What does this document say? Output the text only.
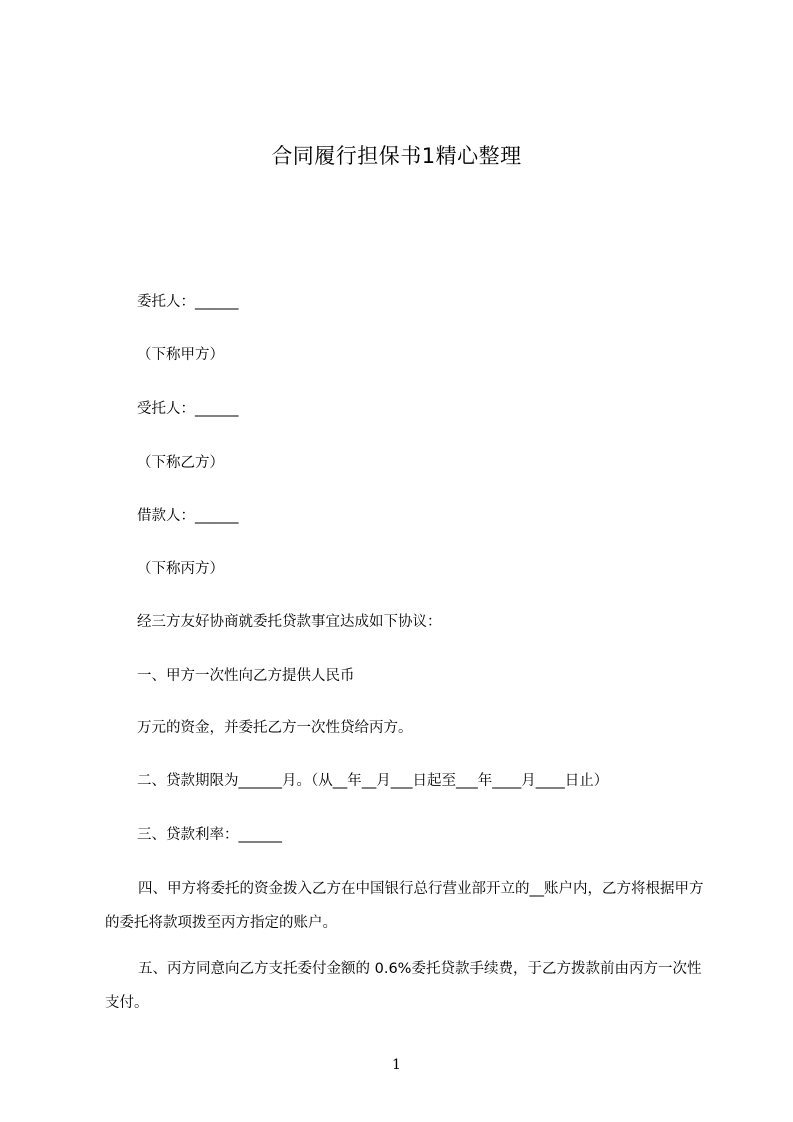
合同履行担保书1精心整理
委托人：______
（下称甲方）
受托人：______
（下称乙方）
借款人：______
（下称丙方）
经三方友好协商就委托贷款事宜达成如下协议：
一、甲方一次性向乙方提供人民币
万元的资金，并委托乙方一次性贷给丙方。
二、贷款期限为______月。（从__年__月___日起至___年____月____日止）
三、贷款利率：______
四、甲方将委托的资金拨入乙方在中国银行总行营业部开立的__账户内，乙方将根据甲方的委托将款项拨至丙方指定的账户。
五、丙方同意向乙方支托委付金额的 0.6%委托贷款手续费，于乙方拨款前由丙方一次性支付。
1
